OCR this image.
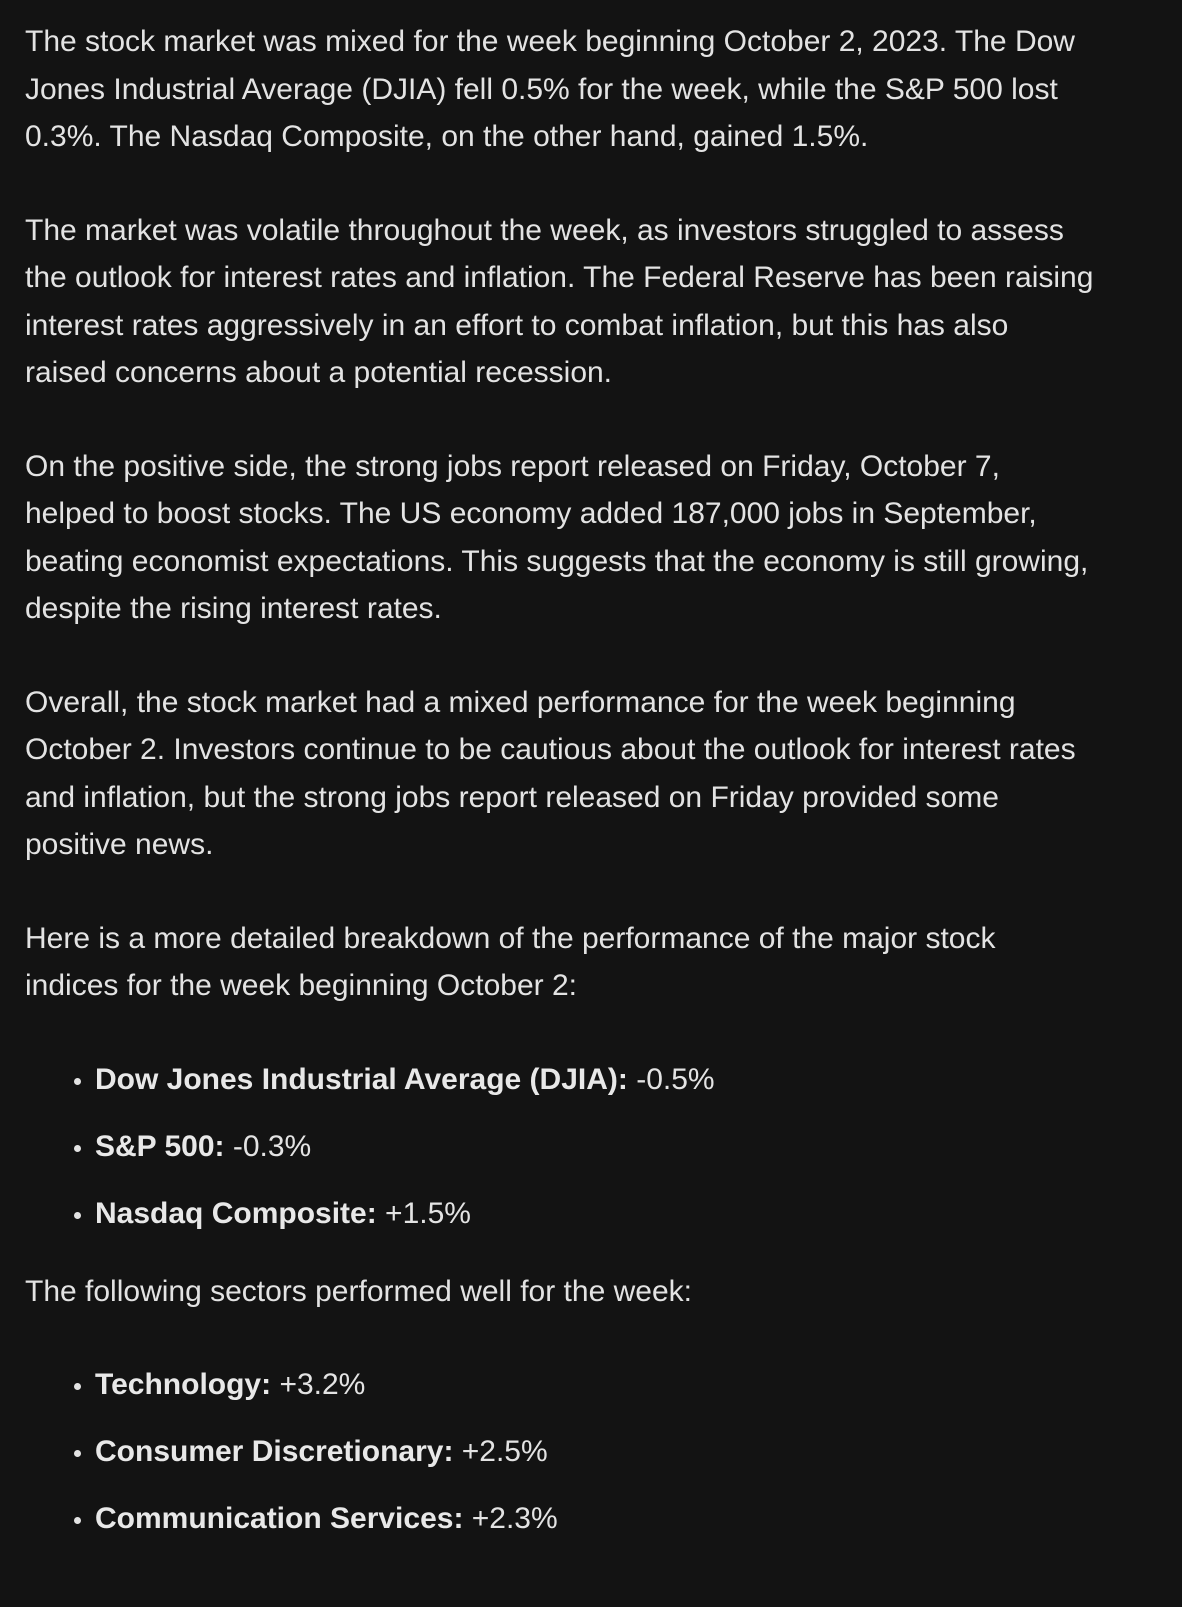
The stock market was mixed for the week beginning October 2, 2023. The Dow
Jones Industrial Average (DJIA) fell 0.5% for the week, while the S&P 500 lost
0.3%. The Nasdaq Composite, on the other hand, gained 1.5%.

The market was volatile throughout the week, as investors struggled to assess
the outlook for interest rates and inflation. The Federal Reserve has been raising
interest rates aggressively in an effort to combat inflation, but this has also
raised concerns about a potential recession.

On the positive side, the strong jobs report released on Friday, October 7,
helped to boost stocks. The US economy added 187,000 jobs in September,
beating economist expectations. This suggests that the economy is still growing,
despite the rising interest rates.

Overall, the stock market had a mixed performance for the week beginning
October 2. Investors continue to be cautious about the outlook for interest rates
and inflation, but the strong jobs report released on Friday provided some
positive news.

Here is a more detailed breakdown of the performance of the major stock
indices for the week beginning October 2:

• Dow Jones Industrial Average (DJIA): -0.5%
• S&P 500: -0.3%
• Nasdaq Composite: +1.5%

The following sectors performed well for the week:

• Technology: +3.2%
• Consumer Discretionary: +2.5%
• Communication Services: +2.3%
